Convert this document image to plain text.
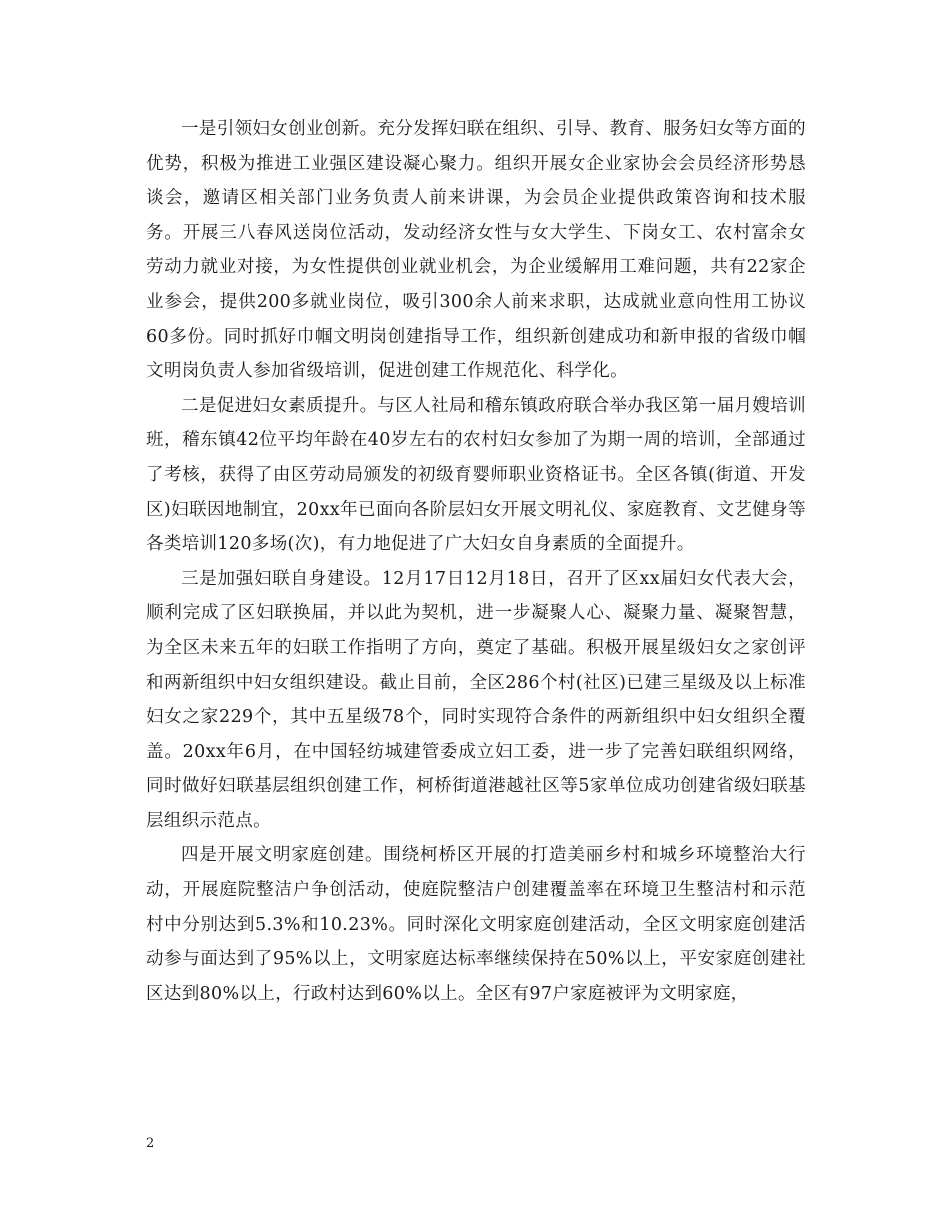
一是引领妇女创业创新。充分发挥妇联在组织、引导、教育、服务妇女等方面的优势，积极为推进工业强区建设凝心聚力。组织开展女企业家协会会员经济形势恳谈会，邀请区相关部门业务负责人前来讲课，为会员企业提供政策咨询和技术服务。开展三八春风送岗位活动，发动经济女性与女大学生、下岗女工、农村富余女劳动力就业对接，为女性提供创业就业机会，为企业缓解用工难问题，共有22家企业参会，提供200多就业岗位，吸引300余人前来求职，达成就业意向性用工协议60多份。同时抓好巾帼文明岗创建指导工作，组织新创建成功和新申报的省级巾帼文明岗负责人参加省级培训，促进创建工作规范化、科学化。

二是促进妇女素质提升。与区人社局和稽东镇政府联合举办我区第一届月嫂培训班，稽东镇42位平均年龄在40岁左右的农村妇女参加了为期一周的培训，全部通过了考核，获得了由区劳动局颁发的初级育婴师职业资格证书。全区各镇(街道、开发区)妇联因地制宜，20xx年已面向各阶层妇女开展文明礼仪、家庭教育、文艺健身等各类培训120多场(次)，有力地促进了广大妇女自身素质的全面提升。

三是加强妇联自身建设。12月17日12月18日，召开了区xx届妇女代表大会，顺利完成了区妇联换届，并以此为契机，进一步凝聚人心、凝聚力量、凝聚智慧，为全区未来五年的妇联工作指明了方向，奠定了基础。积极开展星级妇女之家创评和两新组织中妇女组织建设。截止目前，全区286个村(社区)已建三星级及以上标准妇女之家229个，其中五星级78个，同时实现符合条件的两新组织中妇女组织全覆盖。20xx年6月，在中国轻纺城建管委成立妇工委，进一步了完善妇联组织网络，同时做好妇联基层组织创建工作，柯桥街道港越社区等5家单位成功创建省级妇联基层组织示范点。

四是开展文明家庭创建。围绕柯桥区开展的打造美丽乡村和城乡环境整治大行动，开展庭院整洁户争创活动，使庭院整洁户创建覆盖率在环境卫生整洁村和示范村中分别达到5.3%和10.23%。同时深化文明家庭创建活动，全区文明家庭创建活动参与面达到了95%以上，文明家庭达标率继续保持在50%以上，平安家庭创建社区达到80%以上，行政村达到60%以上。全区有97户家庭被评为文明家庭，

2
